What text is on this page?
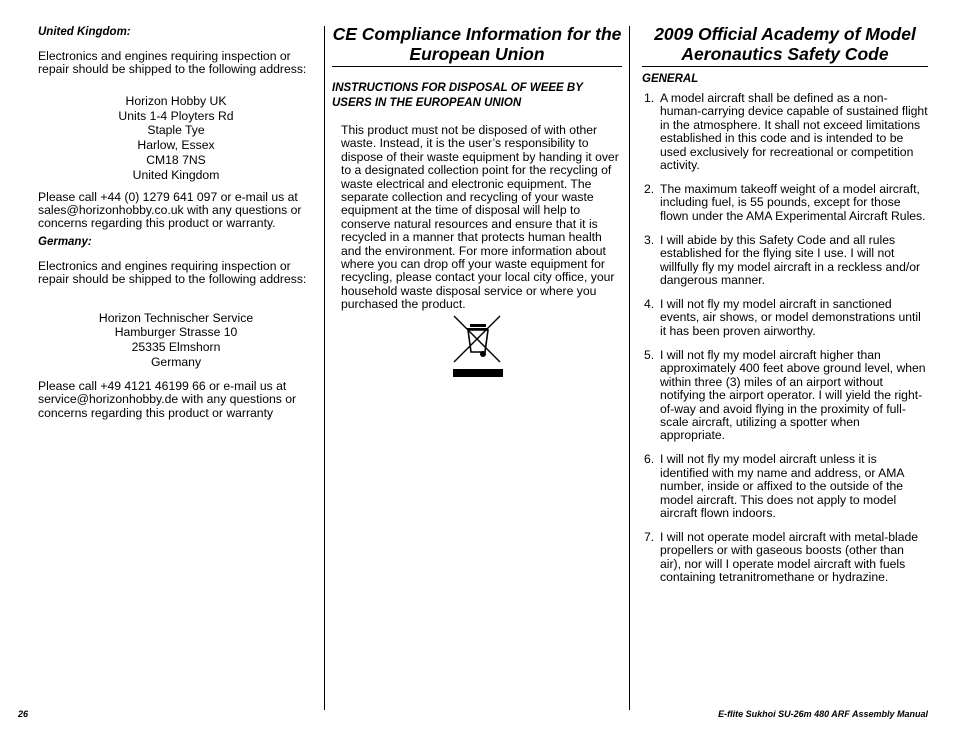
United Kingdom:

Electronics and engines requiring inspection or repair should be shipped to the following address:

Horizon Hobby UK

Units 1-4 Ployters Rd

Staple Tye

Harlow, Essex

CM18 7NS

United Kingdom

Please call +44 (0) 1279 641 097 or e-mail us at sales@horizonhobby.co.uk with any questions or concerns regarding this product or warranty.

Germany:

Electronics and engines requiring inspection or repair should be shipped to the following address:

Horizon Technischer Service

Hamburger Strasse 10

25335 Elmshorn

Germany

Please call +49 4121 46199 66 or e-mail us at service@horizonhobby.de with any questions or concerns regarding this product or warranty

CE Compliance Information for the European Union
INSTRUCTIONS FOR DISPOSAL OF WEEE BY USERS IN THE EUROPEAN UNION

This product must not be disposed of with other waste. Instead, it is the user’s responsibility to dispose of their waste equipment by handing it over to a designated collection point for the recycling of waste electrical and electronic equipment. The separate collection and recycling of your waste equipment at the time of disposal will help to conserve natural resources and ensure that it is recycled in a manner that protects human health and the environment. For more information about where you can drop off your waste equipment for recycling, please contact your local city office, your household waste disposal service or where you purchased the product.

2009 Official Academy of Model Aeronautics Safety Code
GENERAL
1. A model aircraft shall be defined as a non-human-carrying device capable of sustained flight in the atmosphere. It shall not exceed limitations established in this code and is intended to be used exclusively for recreational or competition activity.
2. The maximum takeoff weight of a model aircraft, including fuel, is 55 pounds, except for those flown under the AMA Experimental Aircraft Rules.
3. I will abide by this Safety Code and all rules established for the flying site I use. I will not willfully fly my model aircraft in a reckless and/or dangerous manner.
4. I will not fly my model aircraft in sanctioned events, air shows, or model demonstrations until it has been proven airworthy.
5. I will not fly my model aircraft higher than approximately 400 feet above ground level, when within three (3) miles of an airport without notifying the airport operator. I will yield the right-of-way and avoid flying in the proximity of full-scale aircraft, utilizing a spotter when appropriate.
6. I will not fly my model aircraft unless it is identified with my name and address, or AMA number, inside or affixed to the outside of the model aircraft. This does not apply to model aircraft flown indoors.
7. I will not operate model aircraft with metal-blade propellers or with gaseous boosts (other than air), nor will I operate model aircraft with fuels containing tetranitromethane or hydrazine.
26	E-flite Sukhoi SU-26m 480 ARF Assembly Manual
